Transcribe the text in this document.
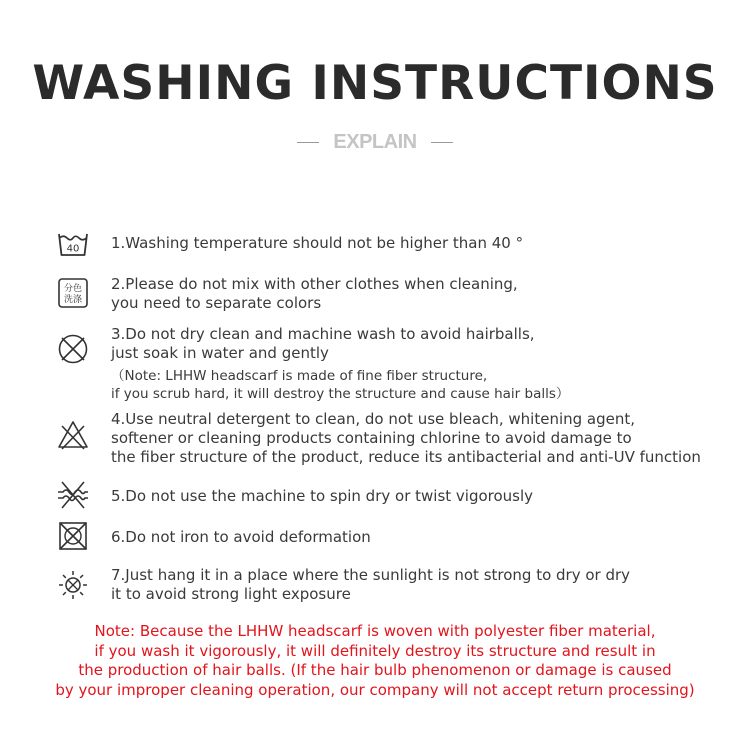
WASHING INSTRUCTIONS
EXPLAIN
40 1.Washing temperature should not be higher than 40 °
分色
洗涤
2.Please do not mix with other clothes when cleaning,
you need to separate colors
3.Do not dry clean and machine wash to avoid hairballs,
just soak in water and gently
（Note: LHHW headscarf is made of fine fiber structure,
if you scrub hard, it will destroy the structure and cause hair balls）
4.Use neutral detergent to clean, do not use bleach, whitening agent,
softener or cleaning products containing chlorine to avoid damage to
the fiber structure of the product, reduce its antibacterial and anti-UV function
5.Do not use the machine to spin dry or twist vigorously
6.Do not iron to avoid deformation
7.Just hang it in a place where the sunlight is not strong to dry or dry
it to avoid strong light exposure
Note: Because the LHHW headscarf is woven with polyester fiber material,
if you wash it vigorously, it will definitely destroy its structure and result in
the production of hair balls. (If the hair bulb phenomenon or damage is caused
by your improper cleaning operation, our company will not accept return processing)
